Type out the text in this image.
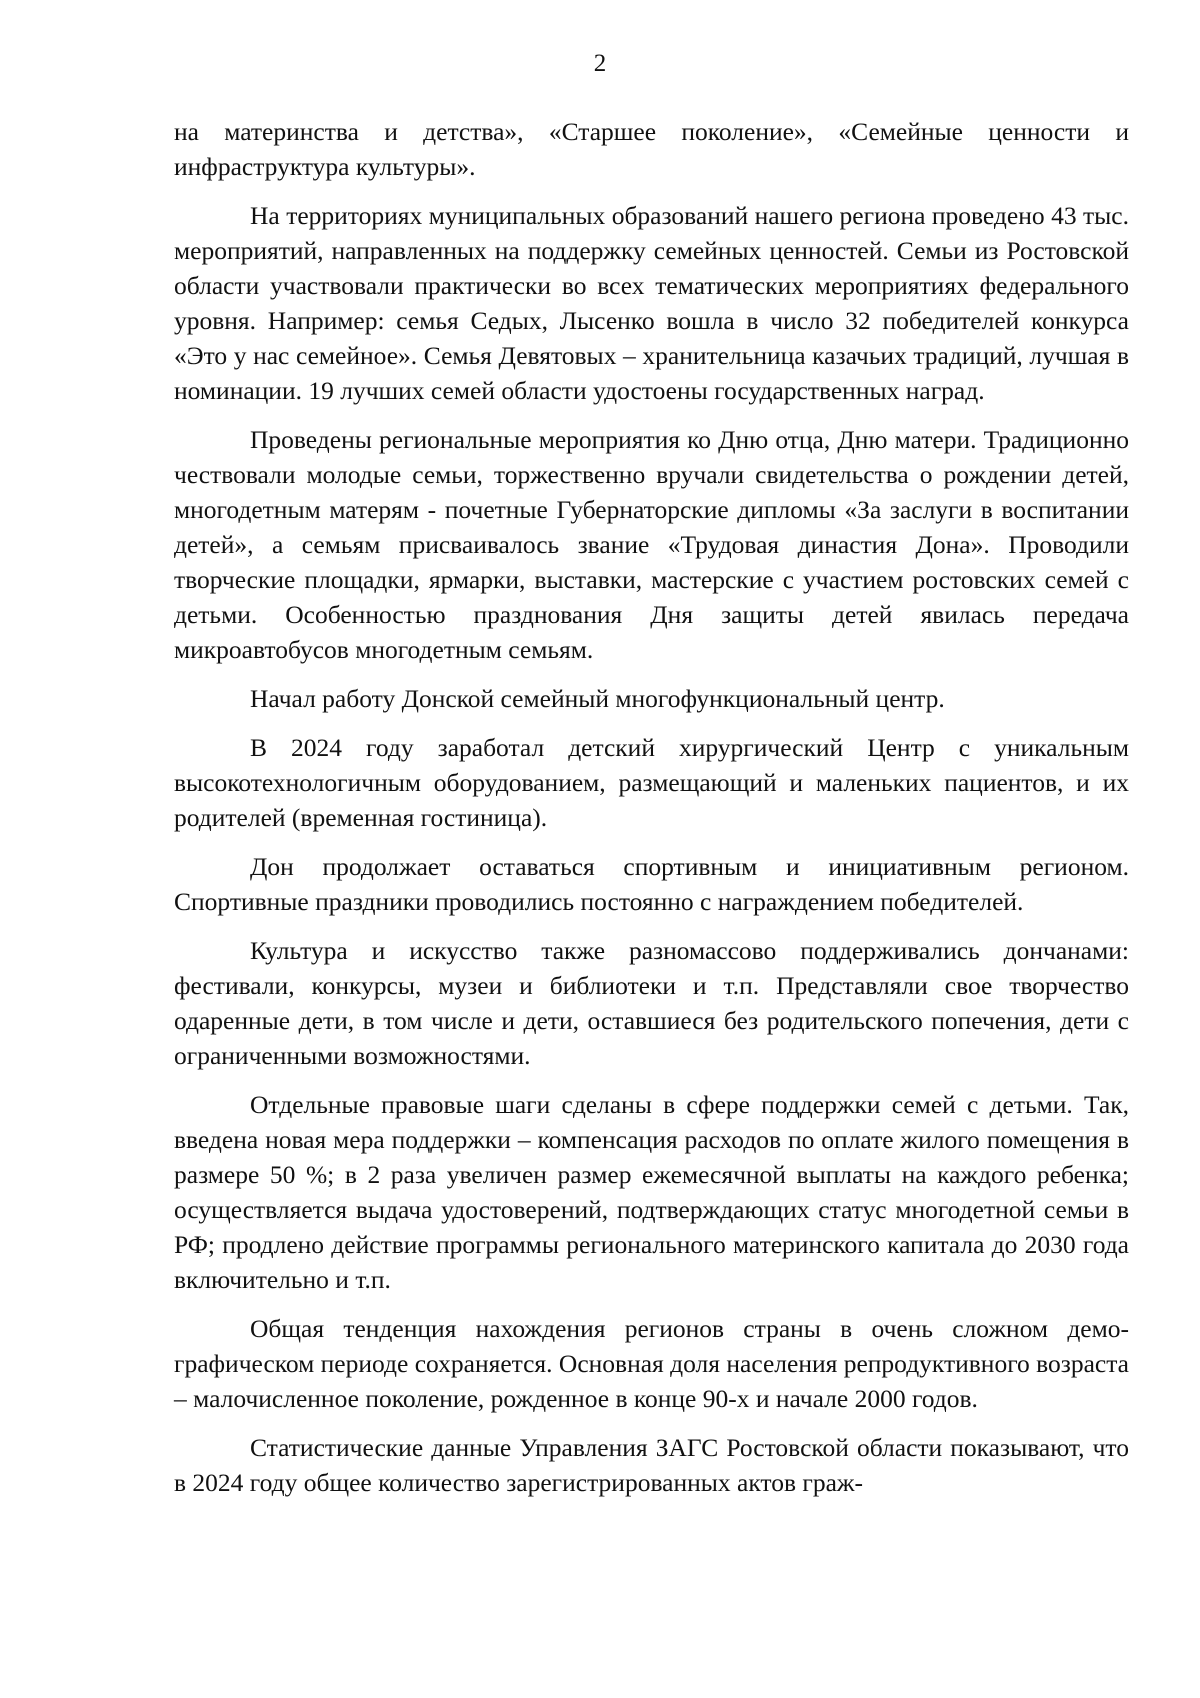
2

на материнства и детства», «Старшее поколение», «Семейные ценности и инфраструктура культуры».

На территориях муниципальных образований нашего региона проведено 43 тыс. мероприятий, направленных на поддержку семейных ценностей. Семьи из Ростовской области участвовали практически во всех тематических мероприятиях федерального уровня. Например: семья Седых, Лысенко вошла в число 32 победителей конкурса «Это у нас семейное». Семья Девятовых – хранительница казачьих традиций, лучшая в номинации. 19 лучших семей области удостоены государственных наград.

Проведены региональные мероприятия ко Дню отца, Дню матери. Традиционно чествовали молодые семьи, торжественно вручали свидетельства о рождении детей, многодетным матерям - почетные Губернаторские дипломы «За заслуги в воспитании детей», а семьям присваивалось звание «Трудовая династия Дона». Проводили творческие площадки, ярмарки, выставки, мастерские с участием ростовских семей с детьми. Особенностью празднования Дня защиты детей явилась передача микроавтобусов многодетным семьям.

Начал работу Донской семейный многофункциональный центр.

В 2024 году заработал детский хирургический Центр с уникальным высокотехнологичным оборудованием, размещающий и маленьких пациентов, и их родителей (временная гостиница).

Дон продолжает оставаться спортивным и инициативным регионом. Спортивные праздники проводились постоянно с награждением победителей.

Культура и искусство также разномассово поддерживались дончанами: фестивали, конкурсы, музеи и библиотеки и т.п. Представляли свое творчество одаренные дети, в том числе и дети, оставшиеся без родительского попечения, дети с ограниченными возможностями.

Отдельные правовые шаги сделаны в сфере поддержки семей с детьми. Так, введена новая мера поддержки – компенсация расходов по оплате жилого помещения в размере 50 %; в 2 раза увеличен размер ежемесячной выплаты на каждого ребенка; осуществляется выдача удостоверений, подтверждающих статус многодетной семьи в РФ; продлено действие программы регионального материнского капитала до 2030 года включительно и т.п.

Общая тенденция нахождения регионов страны в очень сложном демографическом периоде сохраняется. Основная доля населения репродуктивного возраста – малочисленное поколение, рожденное в конце 90-х и начале 2000 годов.

Статистические данные Управления ЗАГС Ростовской области показывают, что в 2024 году общее количество зарегистрированных актов граж-
